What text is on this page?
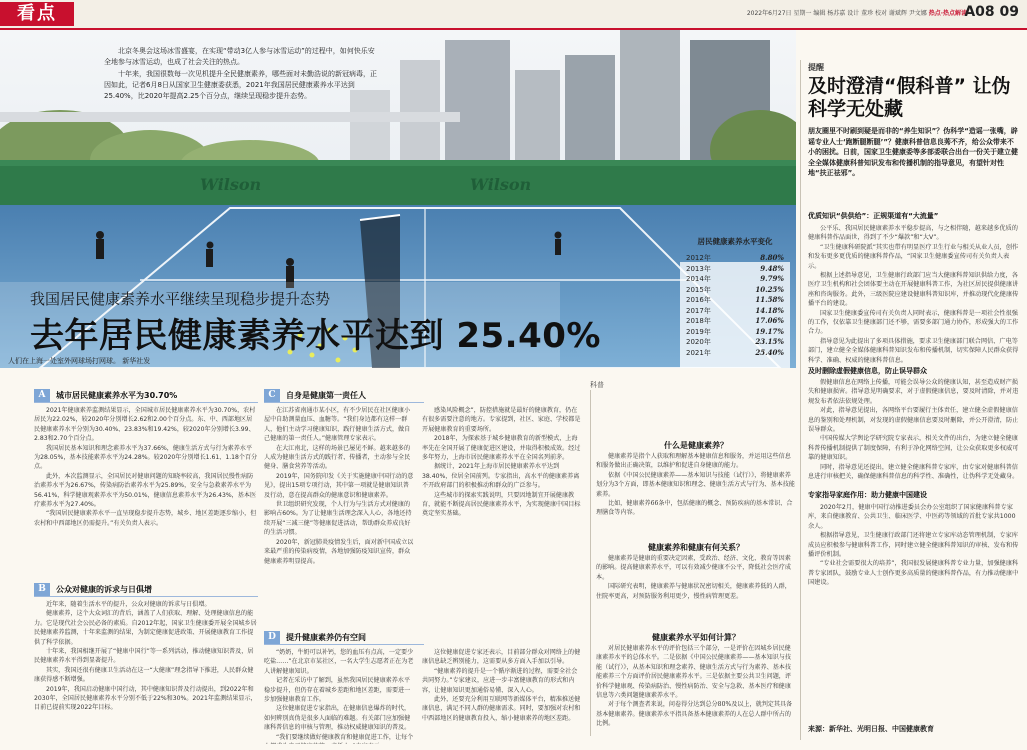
看点	2022年6月27日 星期一 编辑 杨苏嘉 设计 董珍 校对 谢斌辉 尹文娜 热点·热点解读
A08 09
Wilson	Wilson

北京冬奥会这场冰雪盛宴，在实现“带动3亿人参与冰雪运动”的过程中，如何快乐安全地参与冰雪运动，也成了社会关注的热点。

十年来，我国很数每一次见机提升全民健康素养，哪些面对未勤浩说的新冠病毒，正因如此，记者6月8日从国家卫生健康委获悉，2021年我国居民健康素养水平达到25.40%，比2020年提高2.25个百分点，继续呈现稳步提升态势。

我国居民健康素养水平继续呈现稳步提升态势
去年居民健康素养水平达到 25.40%
人们在上海一处室外网球场打网球。 新华社发
居民健康素养水平变化
2012年	8.80%
2013年	9.48%
2014年	9.79%
2015年	10.25%
2016年	11.58%
2017年	14.18%
2018年	17.06%
2019年	19.17%
2020年	23.15%
2021年	25.40%
提醒
及时澄清“假科普” 让伪科学无处藏
朋友圈里不时刷到疑是而非的“养生知识”？伪科学“造谣一张嘴，辟谣专业人士‘跑断腿断腿’”？健康科普信息良莠不齐，给公众带来不小的困扰。日前，国家卫生健康委等多部委联合出台一份关于建立健全全媒体健康科普知识发布和传播机制的指导意见，有望针对性地“扶正祛邪”。
优质知识“供供给”：正规渠道有“大流量”

公平乐、我国居民健康素养水平稳步提高，与之相伴随，越来越多优质的健康科普作品面世，得到了不少“爆款”和“大V”。

“卫生健康科研院派”其实也带有明显医疗卫生行业与相关从业人员，创作和发布更多更优质的健康科普作品，“国家卫生健康委宣传司有关负责人表示。

根据上述指导意见，卫生健康行政部门应当大健康科普知识供给力度，各医疗卫生机构和社会团体要主动在开展健康科普工作，为社区居民提供健康讲座和咨询服务。此外，三级医院应建设健康科普知识库，并推动现代化健康传播平台的建设。

国家卫生健康委宣传司有关负责人同时表示，健康科普是一项社会性很强的工作，仅依靠卫生健康部门还不够，需要多部门通力协作，形成强大的工作合力。

指导意见为此提出了多项具体措施，要求卫生健康部门联合网信、广电等部门，建立健全全媒体健康科普知识发布和传播机制，切实保障人民群众获得科学、准确、权威的健康科普信息。

及时删除虚假健康信息，防止误导群众

假健康信息在网络上传播，可能会误导公众的健康认知，甚至造成财产损失和健康损害。指导意见明确要求，对于虚假健康信息，要及时清除，并对违规发布者依法依规处理。

对此，指导意见提出，各网络平台要履行主体责任，建立健全虚假健康信息的鉴别和处理机制，对发现的虚假健康信息要及时删除，并公开澄清，防止误导群众。

中国传媒大学舆论学研究院专家表示，相关文件的出台，为建立健全健康科普传播机制提供了制度保障，有利于净化网络空间，让公众获取更多权威可靠的健康知识。

同时，指导意见还提出，建立健全健康科普专家库，由专家对健康科普信息进行审核把关，确保健康科普信息的科学性、准确性，让伪科学无处藏身。

专家指导家庭作用：助力健康中国建设

2020年2月，健康中国行动推进委员会办公室组织了国家健康科普专家库，来自健康教育、公共卫生、临床医学、中医药等领域的首批专家共1000余人。

根据指导意见，卫生健康行政部门还将建立专家库动态管理机制，专家库成员应积极参与健康科普工作，同时建立健全健康科普知识的审核、发布和传播评价机制。

“专业社会需要很大的培养”，我国很发展健康科普专业力量，加强健康科普专家团队，鼓励专业人士创作更多高质量的健康科普作品，有力推动健康中国建设。

来源：新华社、光明日报、中国健康教育
A	城市居民健康素养水平为30.70%

2021年健康素养监测结果显示，全国城市居民健康素养水平为30.70%，农村居民为22.02%，较2020年分别增长2.62和2.00个百分点。东、中、西部地区居民健康素养水平分别为30.40%、23.83%和19.42%，较2020年分别增长3.99、2.83和2.70个百分点。

我国居民基本知识和理念素养水平为37.66%，健康生活方式与行为素养水平为28.05%，基本技能素养水平为24.28%。较2020年分别增长1.61、1.18个百分点。

此外，本次监测显示，全国居民对健康问题的知晓率较高，我国居民慢性病防治素养水平为26.67%，传染病防治素养水平为25.89%，安全与急救素养水平为56.41%，科学健康观素养水平为50.01%，健康信息素养水平为26.43%，基本医疗素养水平为27.40%。

“我国居民健康素养水平一直呈现稳步提升态势，城乡、地区差距逐步缩小，但农村和中西部地区仍需提升。”有关负责人表示。

B	公众对健康的诉求与日俱增

近年来，随着生活水平的提升，公众对健康的诉求与日俱增。

健康素养，这个大众词汇的背后，涵盖了人们获取、理解、处理健康信息的能力。它是现代社会公民必备的素质。自2012年起，国家卫生健康委开展全国城乡居民健康素养监测，十年来监测的结果，为制定健康促进政策、开展健康教育工作提供了科学依据。

十年来，我国相继开展了“健康中国行”等一系列活动，推动健康知识普及，居民健康素养水平得到显著提升。

其实，我国还很有健康卫生活动在这一“大健康”理念指导下推进，人民群众健康获得感不断增强。

2019年，我国启动健康中国行动，其中健康知识普及行动提出，到2022年和2030年，全国居民健康素养水平分别不低于22%和30%。2021年监测结果显示，目前已提前实现2022年目标。

C	自身是健康第一责任人

在江苏省南通市某小区，有不少居民在社区健康小屋中自助测量血压、血糖等。“我们身边都有这样一群人，他们主动学习健康知识，践行健康生活方式，做自己健康的第一责任人。”健康管理专家表示。

在大江南北，这样的场景已屡见不鲜。越来越多的人成为健康生活方式的践行者、传播者，主动参与全民健身、膳食营养等活动。

2019年，国务院印发《关于实施健康中国行动的意见》，提出15项专项行动，其中第一项就是健康知识普及行动，意在提高群众的健康意识和健康素养。

世卫组织研究发现，个人行为与生活方式对健康的影响占60%。为了让健康生活理念深入人心，各地还持续开展“三减三健”等健康促进活动，帮助群众养成良好的生活习惯。

2020年，新冠肺炎疫情发生后，面对新中国成立以来最严重的传染病疫情，各地加强防疫知识宣传，群众健康素养明显提高。

感染风险概念”，防控措施就是最好的健康教育，仍在有很多需要注意的地方。专家提到，社区、家庭、学校都是开展健康教育的重要场所。

2018年，为探索基于城乡健康教育的新型模式，上海率先在全国开展了健康促进区建设，并取得积极成效。经过多年努力，上海市居民健康素养水平在全国名列前茅。

据统计，2021年上海市居民健康素养水平达到38.40%，位居全国前列。专家指出，高水平的健康素养离不开政府部门的积极推动和群众的广泛参与。

这些城市的探索实践说明，只要因地制宜开展健康教育，就能不断提高居民健康素养水平，为实现健康中国目标奠定坚实基础。

D	提升健康素养仍有空间

“奶奶，牛奶可以补钙，您的血压有点高，一定要少吃盐……”在北京市某社区，一名大学生志愿者正在为老人讲解健康知识。

记者在采访中了解到，虽然我国居民健康素养水平稳步提升，但仍存在着城乡差距和地区差距，需要进一步加强健康教育工作。

这位健康促进专家指出，在健康信息爆炸的时代，如何辨别真伪是很多人面临的难题。有关部门应加强健康科普信息的审核与管理，推动权威健康知识的普及。

“我们要继续做好健康教育和健康促进工作，让每个

这位健康促进专家还表示，目前部分群众对网络上的健康信息缺乏辨别能力，这需要从多方面入手加以引导。

“健康素养的提升是一个循序渐进的过程，需要全社会共同努力。”专家建议，应进一步丰富健康教育的形式和内容，让健康知识更加通俗易懂、深入人心。

此外，还要充分利用互联网等新媒体平台，精准推送健康信息，满足不同人群的健康需求。同时，要加强对农村和中西部地区的健康教育投入，缩小健康素养的地区差距。

科普
什么是健康素养？

健康素养是指个人获取和理解基本健康信息和服务，并运用这些信息和服务做出正确决策，以维护和促进自身健康的能力。

依据《中国公民健康素养——基本知识与技能（试行）》，将健康素养划分为3个方面，即基本健康知识和理念、健康生活方式与行为、基本技能素养。

比如，健康素养66条中，包括健康的概念、预防疾病的基本常识、合理膳食等内容。

健康素养和健康有何关系？

健康素养是健康的重要决定因素，受政治、经济、文化、教育等因素的影响。提高健康素养水平，可以有效减少健康不公平，降低社会医疗成本。

国际研究表明，健康素养与健康状况密切相关，健康素养低的人群，住院率更高，对预防服务利用更少，慢性病管理更差。

健康素养水平如何计算？

对居民健康素养水平的评价包括三个部分，一是评价在因城乡居民健康素养水平的总体水平。二是依据《中国公民健康素养——基本知识与技能（试行）》，从基本知识和理念素养、健康生活方式与行为素养、基本技能素养三个方面评价居民健康素养水平。三是依据主要公共卫生问题，评价科学健康观、传染病防治、慢性病防治、安全与急救、基本医疗和健康信息等六类问题健康素养水平。

对于每个测查者来说，问卷得分达到总分80%及以上，就判定其具备基本健康素养。健康素养水平指具备基本健康素养的人在总人群中所占的比例。
